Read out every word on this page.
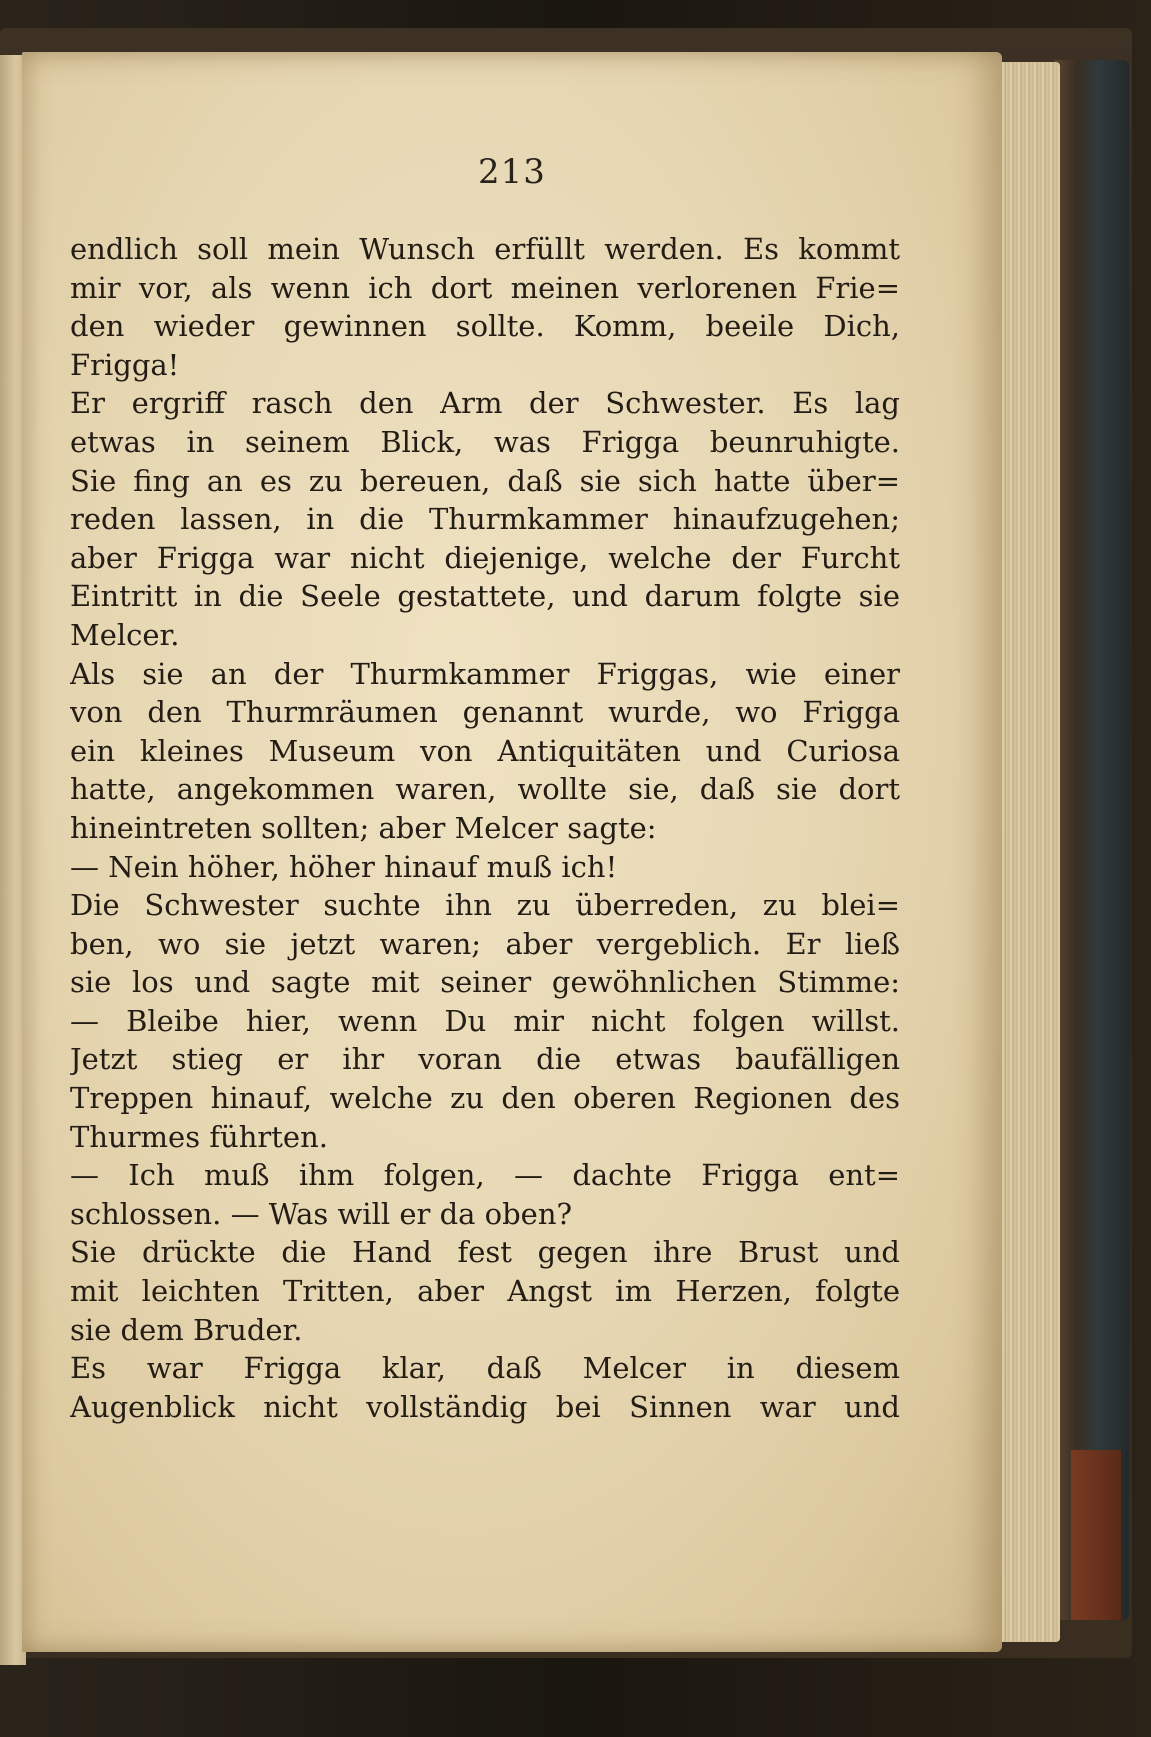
213
endlich soll mein Wunsch erfüllt werden. Es kommt
mir vor, als wenn ich dort meinen verlorenen Frie=
den wieder gewinnen sollte. Komm, beeile Dich,
Frigga!
Er ergriff rasch den Arm der Schwester. Es lag
etwas in seinem Blick, was Frigga beunruhigte.
Sie fing an es zu bereuen, daß sie sich hatte über=
reden lassen, in die Thurmkammer hinaufzugehen;
aber Frigga war nicht diejenige, welche der Furcht
Eintritt in die Seele gestattete, und darum folgte sie
Melcer.
Als sie an der Thurmkammer Friggas, wie einer
von den Thurmräumen genannt wurde, wo Frigga
ein kleines Museum von Antiquitäten und Curiosa
hatte, angekommen waren, wollte sie, daß sie dort
hineintreten sollten; aber Melcer sagte:
— Nein höher, höher hinauf muß ich!
Die Schwester suchte ihn zu überreden, zu blei=
ben, wo sie jetzt waren; aber vergeblich. Er ließ
sie los und sagte mit seiner gewöhnlichen Stimme:
— Bleibe hier, wenn Du mir nicht folgen willst.
Jetzt stieg er ihr voran die etwas baufälligen
Treppen hinauf, welche zu den oberen Regionen des
Thurmes führten.
— Ich muß ihm folgen, — dachte Frigga ent=
schlossen. — Was will er da oben?
Sie drückte die Hand fest gegen ihre Brust und
mit leichten Tritten, aber Angst im Herzen, folgte
sie dem Bruder.
Es war Frigga klar, daß Melcer in diesem
Augenblick nicht vollständig bei Sinnen war und
